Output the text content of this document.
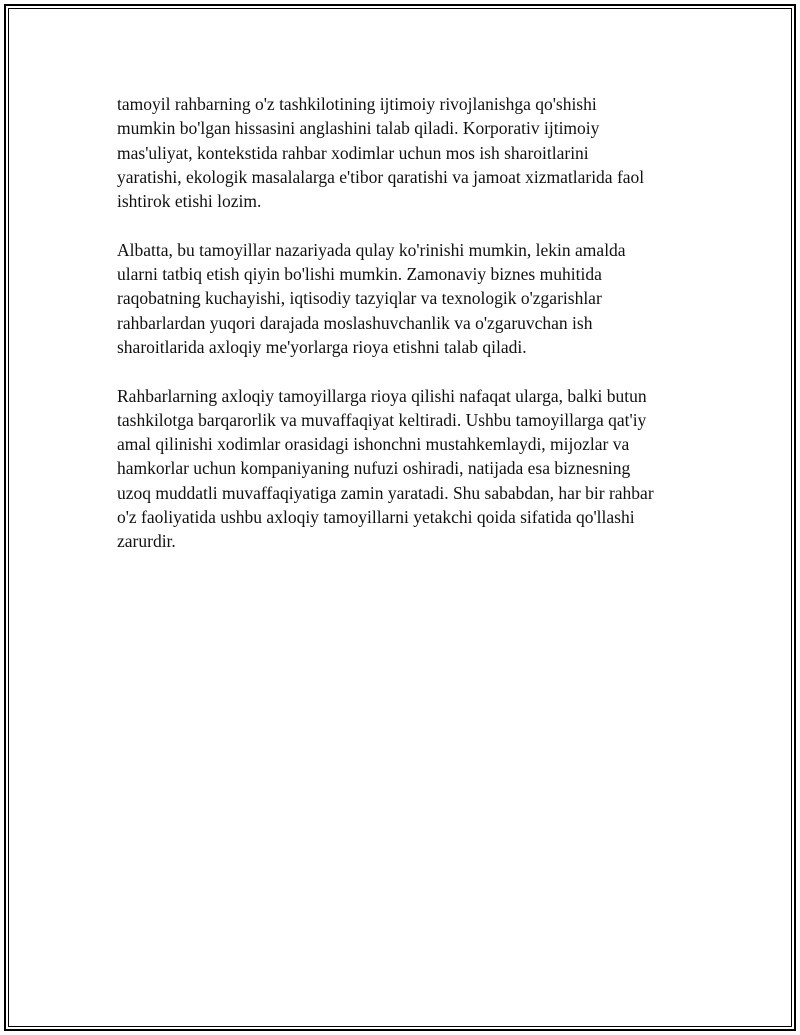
tamoyil rahbarning o'z tashkilotining ijtimoiy rivojlanishga qo'shishi
mumkin bo'lgan hissasini anglashini talab qiladi. Korporativ ijtimoiy
mas'uliyat, kontekstida rahbar xodimlar uchun mos ish sharoitlarini
yaratishi, ekologik masalalarga e'tibor qaratishi va jamoat xizmatlarida faol
ishtirok etishi lozim.

Albatta, bu tamoyillar nazariyada qulay ko'rinishi mumkin, lekin amalda
ularni tatbiq etish qiyin bo'lishi mumkin. Zamonaviy biznes muhitida
raqobatning kuchayishi, iqtisodiy tazyiqlar va texnologik o'zgarishlar
rahbarlardan yuqori darajada moslashuvchanlik va o'zgaruvchan ish
sharoitlarida axloqiy me'yorlarga rioya etishni talab qiladi.

Rahbarlarning axloqiy tamoyillarga rioya qilishi nafaqat ularga, balki butun
tashkilotga barqarorlik va muvaffaqiyat keltiradi. Ushbu tamoyillarga qat'iy
amal qilinishi xodimlar orasidagi ishonchni mustahkemlaydi, mijozlar va
hamkorlar uchun kompaniyaning nufuzi oshiradi, natijada esa biznesning
uzoq muddatli muvaffaqiyatiga zamin yaratadi. Shu sababdan, har bir rahbar
o'z faoliyatida ushbu axloqiy tamoyillarni yetakchi qoida sifatida qo'llashi
zarurdir.
